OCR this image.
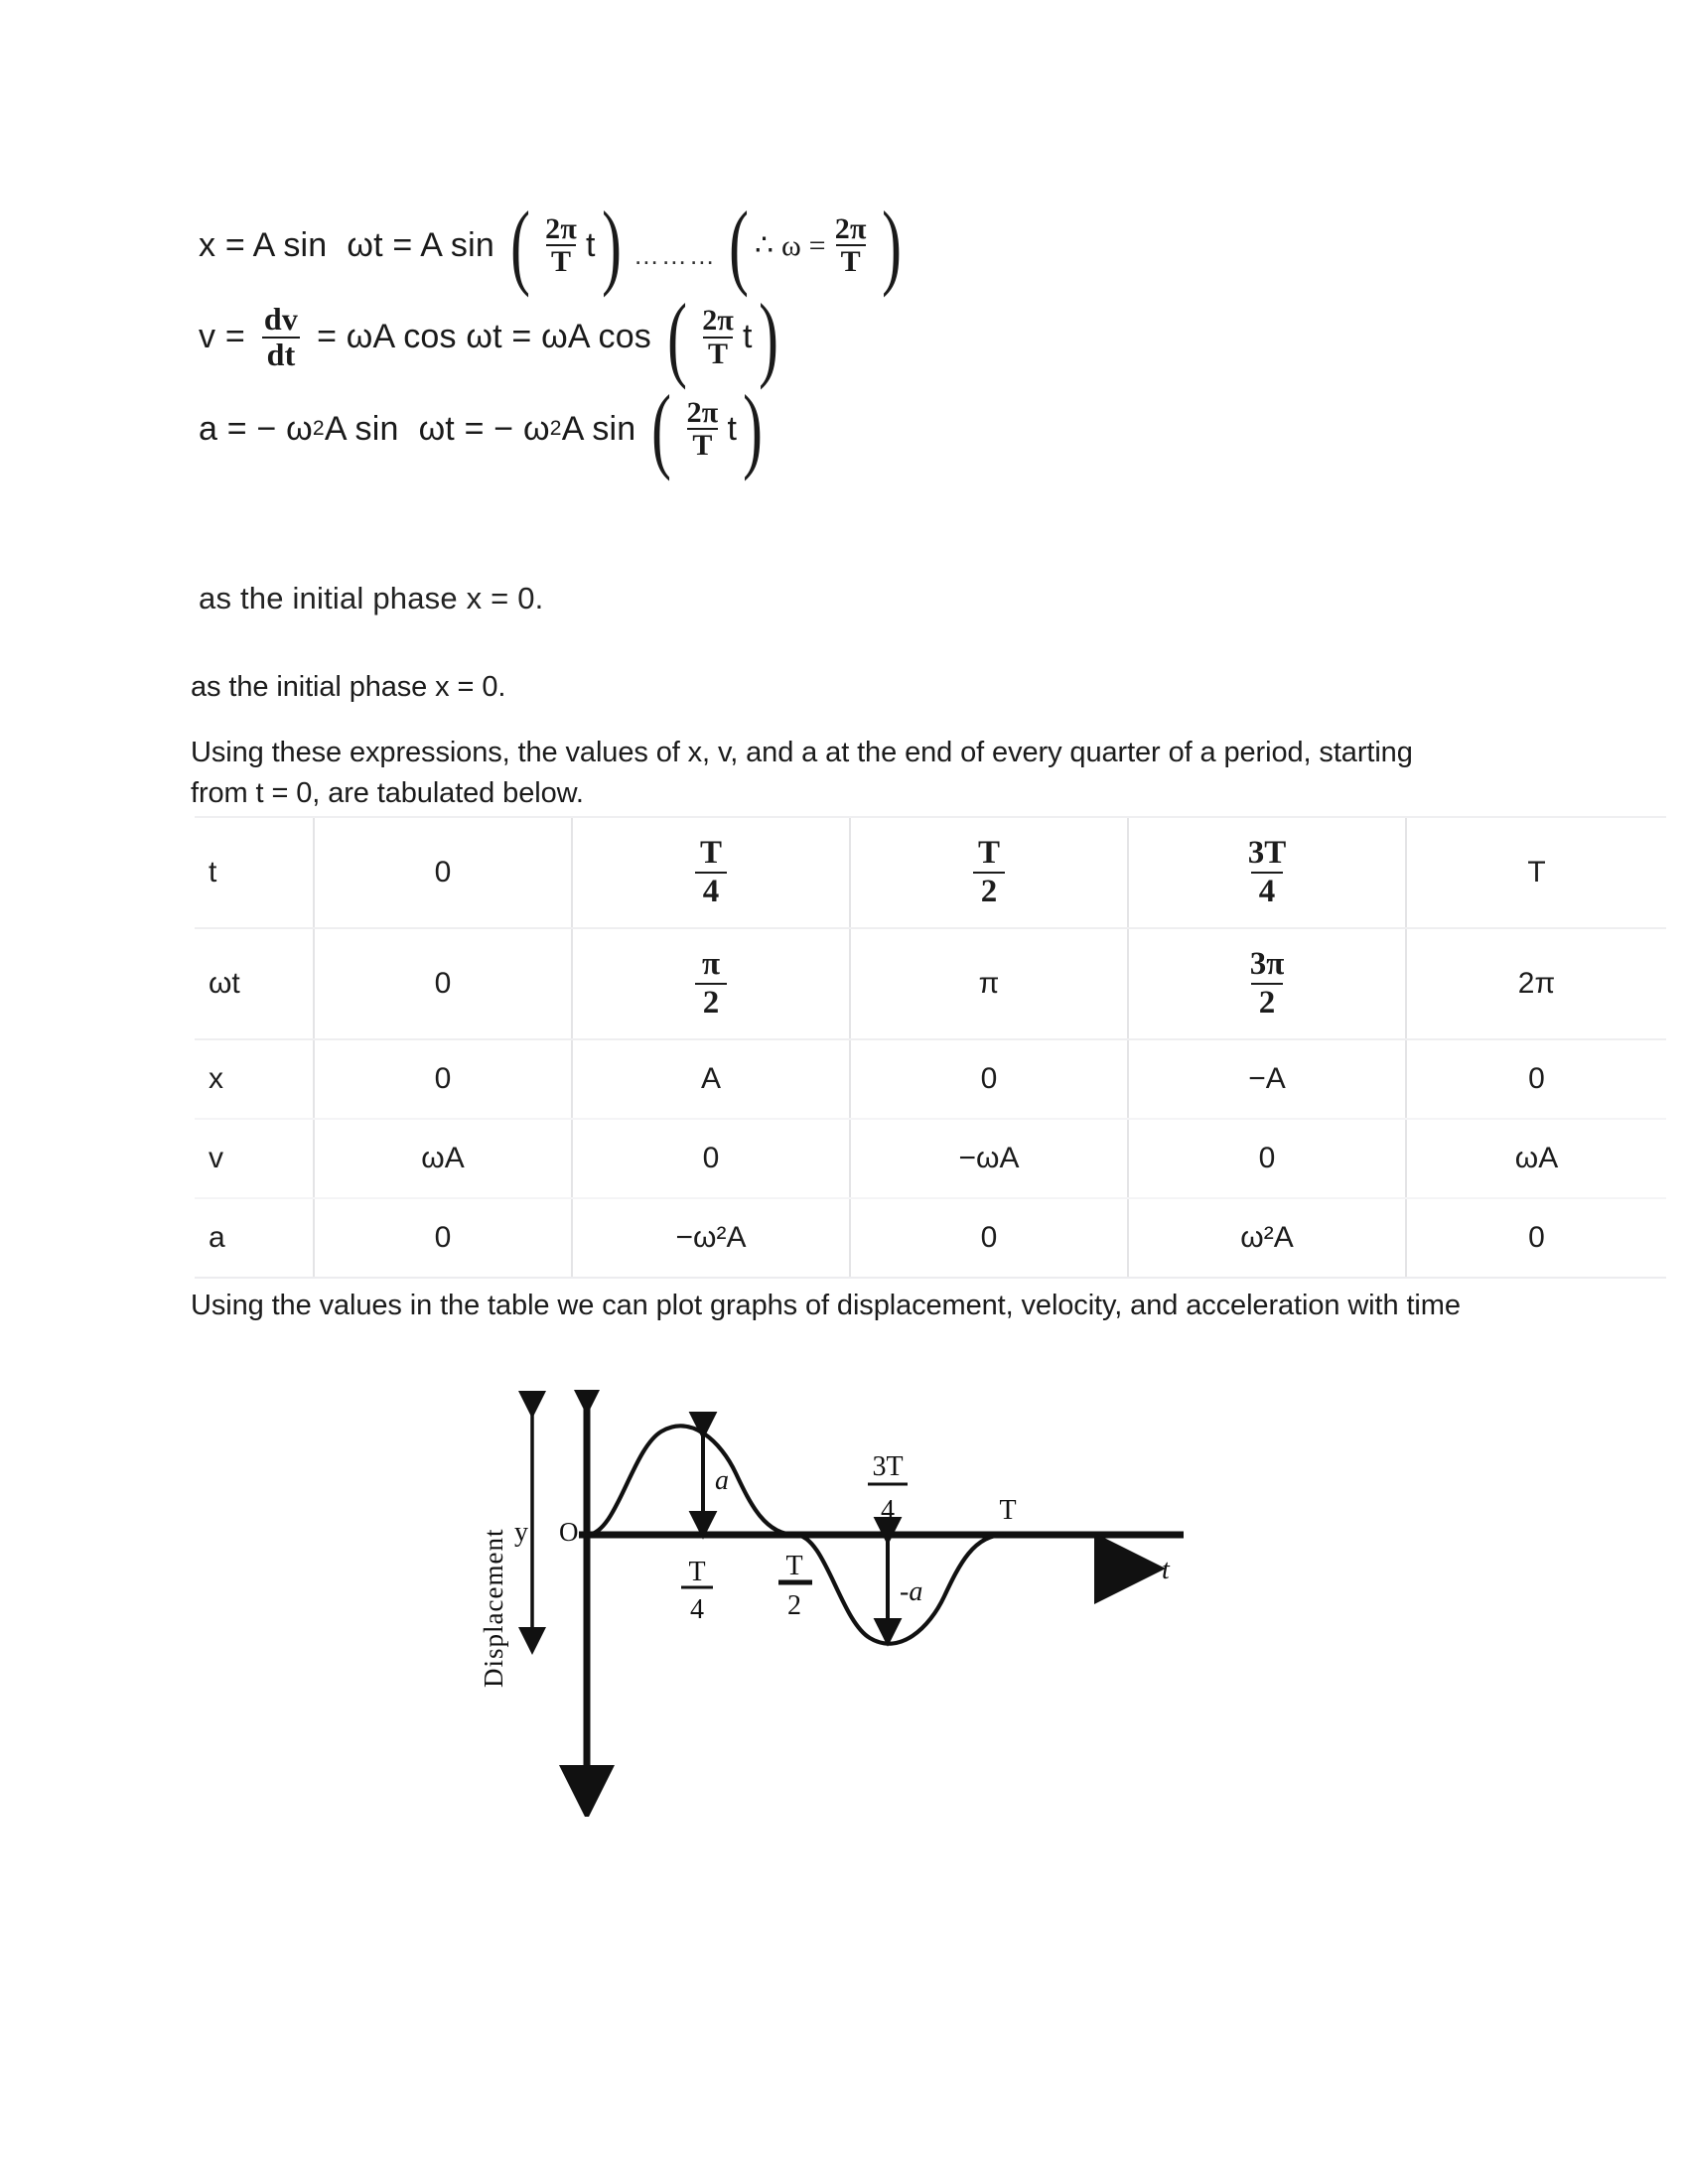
x = A sin ωt = A sin ( $\frac{2\pi}{T}$ t ) ……… ( ∴ $\omega = \frac{2\pi}{T}$ )
$v = \frac{dv}{dt} = \omega A$ cos ωt = ωA cos ( $\frac{2\pi}{T}$ t )
a = − ω 2 A sin ωt = − ω 2 A sin ( $\frac{2\pi}{T}$ t )
as the initial phase x = 0.
as the initial phase x = 0.
Using these expressions, the values of x, v, and a at the end of every quarter of a period, starting from t = 0, are tabulated below.
Using the values in the table we can plot graphs of displacement, velocity, and acceleration with time
t	0	$\frac{T}{4}$	$\frac{T}{2}$	$\frac{3T}{4}$	T
ωt	0	$\frac{\pi}{2}$	π	$\frac{3\pi}{2}$	2π
x	0	A	0	−A	0
v	ωA	0	−ωA	0	ωA
a	0	−ω²A	0	ω²A	0
Displacement y O
a
-a
T
4
T
2
3T
4	T
t
